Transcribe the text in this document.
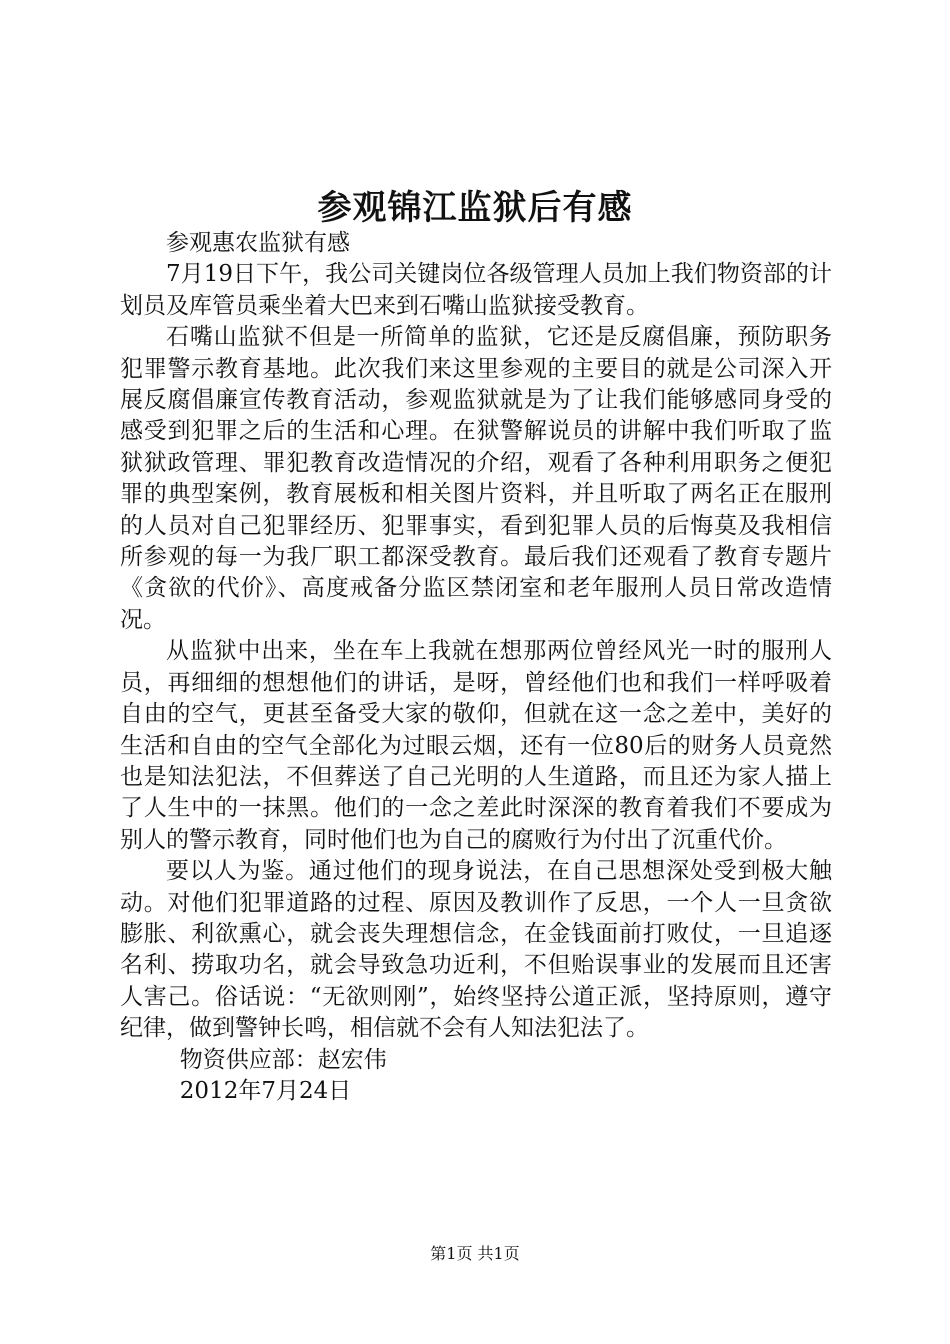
参观锦江监狱后有感

参观惠农监狱有感

7月19日下午，我公司关键岗位各级管理人员加上我们物资部的计划员及库管员乘坐着大巴来到石嘴山监狱接受教育。

石嘴山监狱不但是一所简单的监狱，它还是反腐倡廉，预防职务犯罪警示教育基地。此次我们来这里参观的主要目的就是公司深入开展反腐倡廉宣传教育活动，参观监狱就是为了让我们能够感同身受的感受到犯罪之后的生活和心理。在狱警解说员的讲解中我们听取了监狱狱政管理、罪犯教育改造情况的介绍，观看了各种利用职务之便犯罪的典型案例，教育展板和相关图片资料，并且听取了两名正在服刑的人员对自己犯罪经历、犯罪事实，看到犯罪人员的后悔莫及我相信所参观的每一为我厂职工都深受教育。最后我们还观看了教育专题片《贪欲的代价》、高度戒备分监区禁闭室和老年服刑人员日常改造情况。

从监狱中出来，坐在车上我就在想那两位曾经风光一时的服刑人员，再细细的想想他们的讲话，是呀，曾经他们也和我们一样呼吸着自由的空气，更甚至备受大家的敬仰，但就在这一念之差中，美好的生活和自由的空气全部化为过眼云烟，还有一位80后的财务人员竟然也是知法犯法，不但葬送了自己光明的人生道路，而且还为家人描上了人生中的一抹黑。他们的一念之差此时深深的教育着我们不要成为别人的警示教育，同时他们也为自己的腐败行为付出了沉重代价。

要以人为鉴。通过他们的现身说法，在自己思想深处受到极大触动。对他们犯罪道路的过程、原因及教训作了反思，一个人一旦贪欲膨胀、利欲熏心，就会丧失理想信念，在金钱面前打败仗，一旦追逐名利、捞取功名，就会导致急功近利，不但贻误事业的发展而且还害人害己。俗话说：“无欲则刚”，始终坚持公道正派，坚持原则，遵守纪律，做到警钟长鸣，相信就不会有人知法犯法了。

物资供应部：赵宏伟

2012年7月24日

第1页 共1页
